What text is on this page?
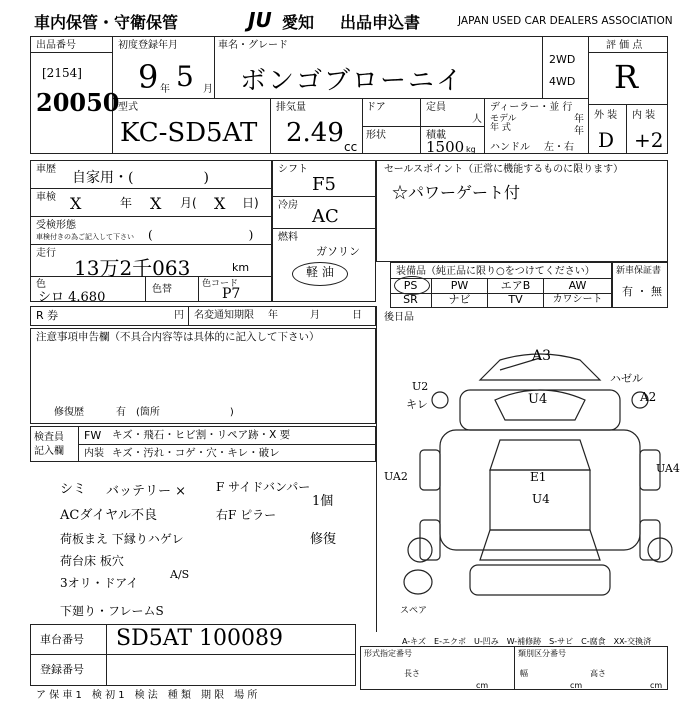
車内保管・守衛保管	JU 愛知 出品申込書	JAPAN USED CAR DEALERS ASSOCIATION
出品番号
[2154]
20050
初度登録年月
9 年 5 月
車名・グレード
ボンゴブローニイ
2WD
4WD
評 価 点
R
外 装 内 装
D +2
型式
KC-SD5AT
排気量
2.49 cc
ドア
形状
定員
人
積載
1500 kg
ディーラー・並 行
モデル
年 式
年
年
ハンドル 左・右
車歴
自家用・(　　　　　)
車検 X	年 X 月( X 日)
受検形態
車検付きの為ご記入して下さい (　　　　　　　　)
走行
13万2千063	km
色
シロ 4.680
色替	色コード
P7
シフト
F5
冷房
AC
燃料
ガソリン
軽 油
セールスポイント（正常に機能するものに限ります）
☆パワーゲート付
装備品（純正品に限り○をつけてください）
PS	PW	エアB	AW
SR	ナビ	TV	カワシート
新車保証書
有 ・ 無
R 券	円 名変通知期限 年	月	日
注意事項申告欄（不具合内容等は具体的に記入して下さい）
修復歴	有 (箇所　　　　　　　)
後日品
A3
U4
U2
キレ
ハゼル
A2
UA2
UA4
E1
U4
スペア
A-キズ　E-エクボ　U-凹み　W-補修跡　S-サビ　C-腐食　XX-交換済
検査員
記入欄
FW キズ・飛石・ヒビ割・リペア跡・X 要
内装 キズ・汚れ・コゲ・穴・キレ・破レ
シミ バッテリー × F サイドバンパー
1個
ACダイヤル不良	右F ピラー
荷板まえ 下縁りハゲレ	修復
荷台床 板穴
3オリ・ドアイ
A/S
下廻り・フレームS
車台番号 SD5AT 100089
登録番号
形式指定番号	類別区分番号
長さ	幅	高さ
cm	cm	cm
ア 保 車 1　検 初 1　検 法　種 類　期 限　場 所
